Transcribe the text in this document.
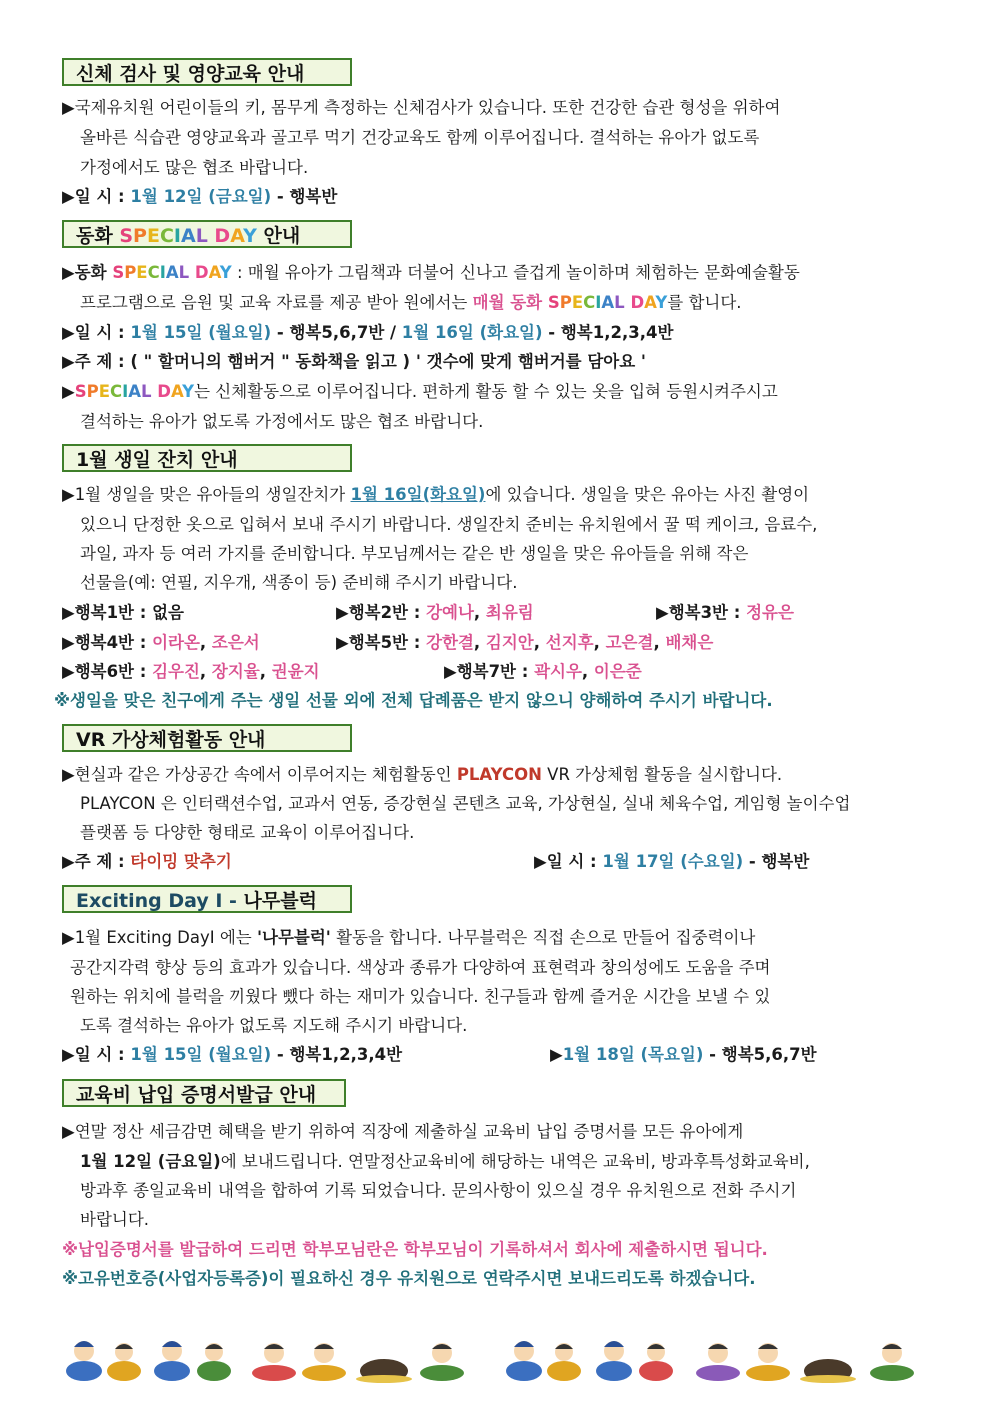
신체 검사 및 영양교육 안내
▶국제유치원 어린이들의 키, 몸무게 측정하는 신체검사가 있습니다. 또한 건강한 습관 형성을 위하여
올바른 식습관 영양교육과 골고루 먹기 건강교육도 함께 이루어집니다. 결석하는 유아가 없도록
가정에서도 많은 협조 바랍니다.
▶일 시 : 1월 12일 (금요일) - 행복반
동화 SPECIAL DAY 안내
▶동화 SPECIAL DAY : 매월 유아가 그림책과 더불어 신나고 즐겁게 놀이하며 체험하는 문화예술활동
프로그램으로 음원 및 교육 자료를 제공 받아 원에서는 매월 동화 SPECIAL DAY를 합니다.
▶일 시 : 1월 15일 (월요일) - 행복5,6,7반 / 1월 16일 (화요일) - 행복1,2,3,4반
▶주 제 : ( " 할머니의 햄버거 " 동화책을 읽고 ) ' 갯수에 맞게 햄버거를 담아요 '
▶SPECIAL DAY는 신체활동으로 이루어집니다. 편하게 활동 할 수 있는 옷을 입혀 등원시켜주시고
결석하는 유아가 없도록 가정에서도 많은 협조 바랍니다.
1월 생일 잔치 안내
▶1월 생일을 맞은 유아들의 생일잔치가 1월 16일(화요일)에 있습니다. 생일을 맞은 유아는 사진 촬영이
있으니 단정한 옷으로 입혀서 보내 주시기 바랍니다. 생일잔치 준비는 유치원에서 꿀 떡 케이크, 음료수,
과일, 과자 등 여러 가지를 준비합니다. 부모님께서는 같은 반 생일을 맞은 유아들을 위해 작은
선물을(예: 연필, 지우개, 색종이 등) 준비해 주시기 바랍니다.
▶행복1반 : 없음	▶행복2반 : 강예나, 최유림	▶행복3반 : 정유은
▶행복4반 : 이라온, 조은서	▶행복5반 : 강한결, 김지안, 선지후, 고은결, 배채은
▶행복6반 : 김우진, 장지율, 권윤지	▶행복7반 : 곽시우, 이은준
※생일을 맞은 친구에게 주는 생일 선물 외에 전체 답례품은 받지 않으니 양해하여 주시기 바랍니다.
VR 가상체험활동 안내
▶현실과 같은 가상공간 속에서 이루어지는 체험활동인 PLAYCON VR 가상체험 활동을 실시합니다.
PLAYCON 은 인터랙션수업, 교과서 연동, 증강현실 콘텐츠 교육, 가상현실, 실내 체육수업, 게임형 놀이수업
플랫폼 등 다양한 형태로 교육이 이루어집니다.
▶주 제 : 타이밍 맞추기	▶일 시 : 1월 17일 (수요일) - 행복반
Exciting Day Ⅰ - 나무블럭
▶1월 Exciting DayⅠ 에는 '나무블럭' 활동을 합니다. 나무블럭은 직접 손으로 만들어 집중력이나
공간지각력 향상 등의 효과가 있습니다. 색상과 종류가 다양하여 표현력과 창의성에도 도움을 주며
원하는 위치에 블럭을 끼웠다 뺐다 하는 재미가 있습니다. 친구들과 함께 즐거운 시간을 보낼 수 있
도록 결석하는 유아가 없도록 지도해 주시기 바랍니다.
▶일 시 : 1월 15일 (월요일) - 행복1,2,3,4반	▶1월 18일 (목요일) - 행복5,6,7반
교육비 납입 증명서발급 안내
▶연말 정산 세금감면 혜택을 받기 위하여 직장에 제출하실 교육비 납입 증명서를 모든 유아에게
1월 12일 (금요일)에 보내드립니다. 연말정산교육비에 해당하는 내역은 교육비, 방과후특성화교육비,
방과후 종일교육비 내역을 합하여 기록 되었습니다. 문의사항이 있으실 경우 유치원으로 전화 주시기
바랍니다.
※납입증명서를 발급하여 드리면 학부모님란은 학부모님이 기록하셔서 회사에 제출하시면 됩니다.
※고유번호증(사업자등록증)이 필요하신 경우 유치원으로 연락주시면 보내드리도록 하겠습니다.
